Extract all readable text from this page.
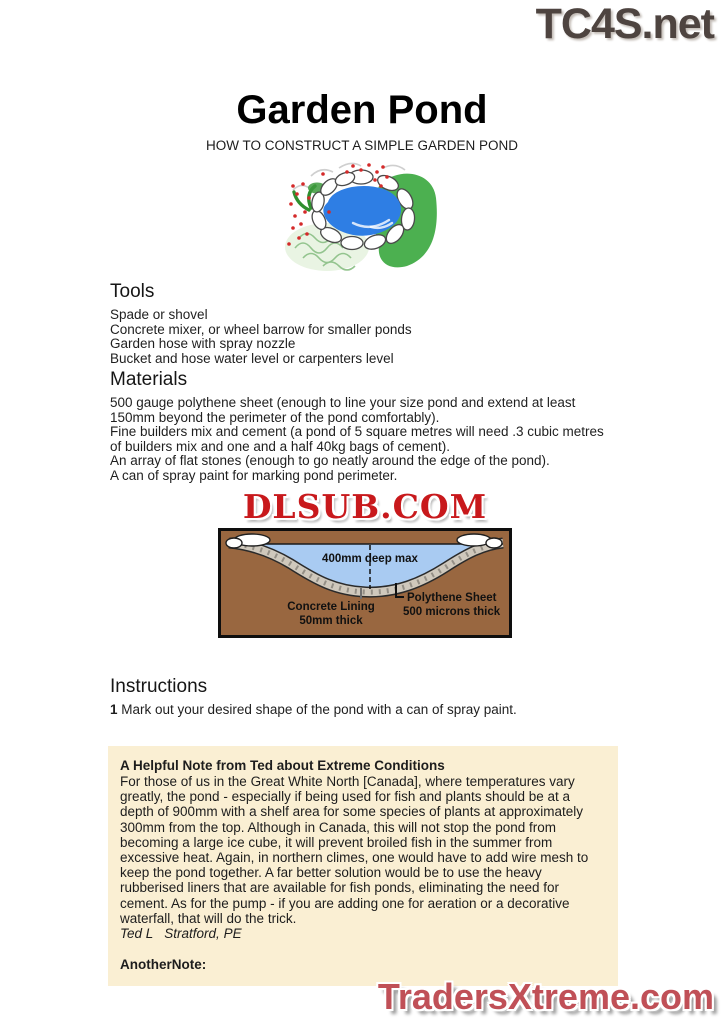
TC4S.net
Garden Pond
HOW TO CONSTRUCT A SIMPLE GARDEN POND
Tools
Spade or shovel
Concrete mixer, or wheel barrow for smaller ponds
Garden hose with spray nozzle
Bucket and hose water level or carpenters level
Materials
500 gauge polythene sheet (enough to line your size pond and extend at least 150mm beyond the perimeter of the pond comfortably).
Fine builders mix and cement (a pond of 5 square metres will need .3 cubic metres of builders mix and one and a half 40kg bags of cement).
An array of flat stones (enough to go neatly around the edge of the pond).
A can of spray paint for marking pond perimeter.
DLSUB.COM
400mm deep max
Concrete Lining
50mm thick
Polythene Sheet
500 microns thick
Instructions
1 Mark out your desired shape of the pond with a can of spray paint.
A Helpful Note from Ted about Extreme Conditions
For those of us in the Great White North [Canada], where temperatures vary greatly, the pond - especially if being used for fish and plants should be at a depth of 900mm with a shelf area for some species of plants at approximately 300mm from the top. Although in Canada, this will not stop the pond from becoming a large ice cube, it will prevent broiled fish in the summer from excessive heat. Again, in northern climes, one would have to add wire mesh to keep the pond together. A far better solution would be to use the heavy rubberised liners that are available for fish ponds, eliminating the need for cement. As for the pump - if you are adding one for aeration or a decorative waterfall, that will do the trick.
Ted L   Stratford, PE
AnotherNote:
TradersXtreme.com
